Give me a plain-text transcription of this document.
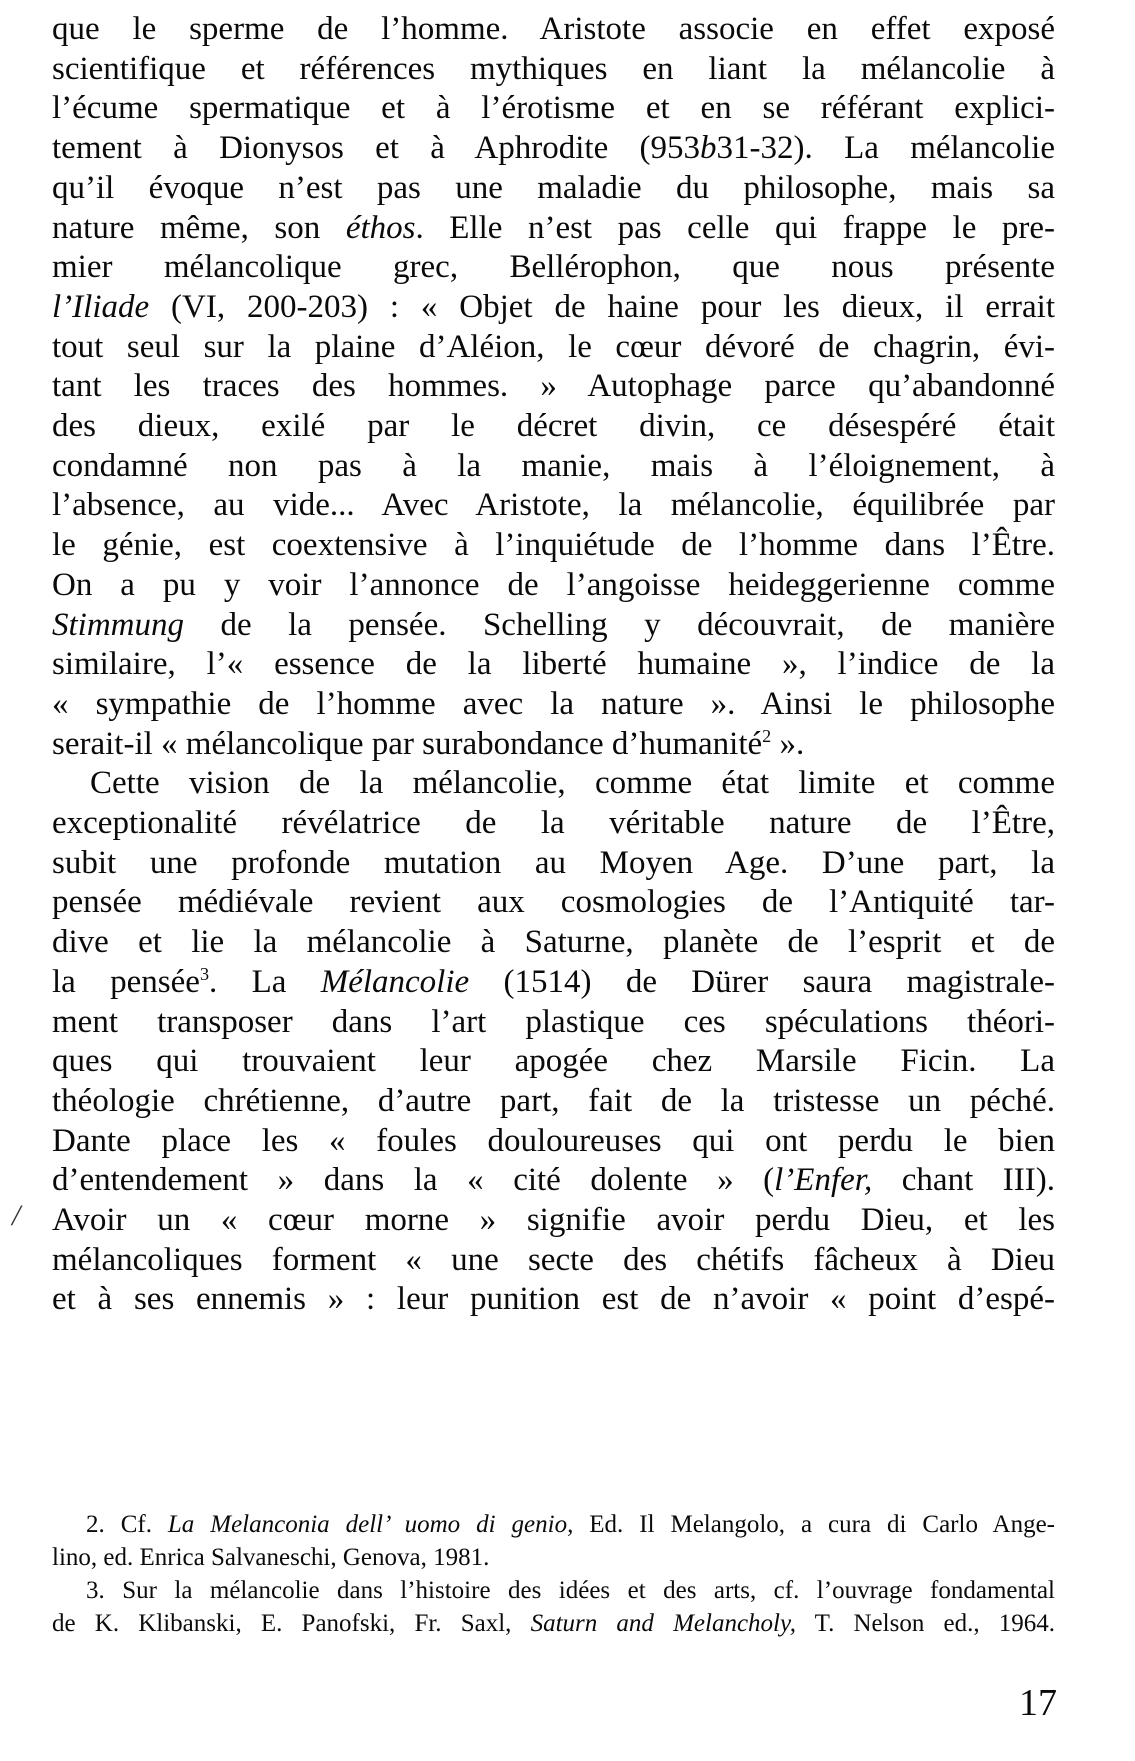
que le sperme de l’homme. Aristote associe en effet exposé
scientifique et références mythiques en liant la mélancolie à
l’écume spermatique et à l’érotisme et en se référant explici-
tement à Dionysos et à Aphrodite (953b31-32). La mélancolie
qu’il évoque n’est pas une maladie du philosophe, mais sa
nature même, son éthos. Elle n’est pas celle qui frappe le pre-
mier mélancolique grec, Bellérophon, que nous présente
l’Iliade (VI, 200-203) : « Objet de haine pour les dieux, il errait
tout seul sur la plaine d’Aléion, le cœur dévoré de chagrin, évi-
tant les traces des hommes. » Autophage parce qu’abandonné
des dieux, exilé par le décret divin, ce désespéré était
condamné non pas à la manie, mais à l’éloignement, à
l’absence, au vide... Avec Aristote, la mélancolie, équilibrée par
le génie, est coextensive à l’inquiétude de l’homme dans l’Être.
On a pu y voir l’annonce de l’angoisse heideggerienne comme
Stimmung de la pensée. Schelling y découvrait, de manière
similaire, l’« essence de la liberté humaine », l’indice de la
« sympathie de l’homme avec la nature ». Ainsi le philosophe
serait-il « mélancolique par surabondance d’humanité$^2$ ».
Cette vision de la mélancolie, comme état limite et comme
exceptionalité révélatrice de la véritable nature de l’Être,
subit une profonde mutation au Moyen Age. D’une part, la
pensée médiévale revient aux cosmologies de l’Antiquité tar-
dive et lie la mélancolie à Saturne, planète de l’esprit et de
la pensée$^3$. La Mélancolie (1514) de Dürer saura magistrale-
ment transposer dans l’art plastique ces spéculations théori-
ques qui trouvaient leur apogée chez Marsile Ficin. La
théologie chrétienne, d’autre part, fait de la tristesse un péché.
Dante place les « foules douloureuses qui ont perdu le bien
d’entendement » dans la « cité dolente » (l’Enfer, chant III).
Avoir un « cœur morne » signifie avoir perdu Dieu, et les
mélancoliques forment « une secte des chétifs fâcheux à Dieu
et à ses ennemis » : leur punition est de n’avoir « point d’espé-
/
2. Cf. La Melanconia dell’ uomo di genio, Ed. Il Melangolo, a cura di Carlo Ange-
lino, ed. Enrica Salvaneschi, Genova, 1981.
3. Sur la mélancolie dans l’histoire des idées et des arts, cf. l’ouvrage fondamental
de K. Klibanski, E. Panofski, Fr. Saxl, Saturn and Melancholy, T. Nelson ed., 1964.
17
